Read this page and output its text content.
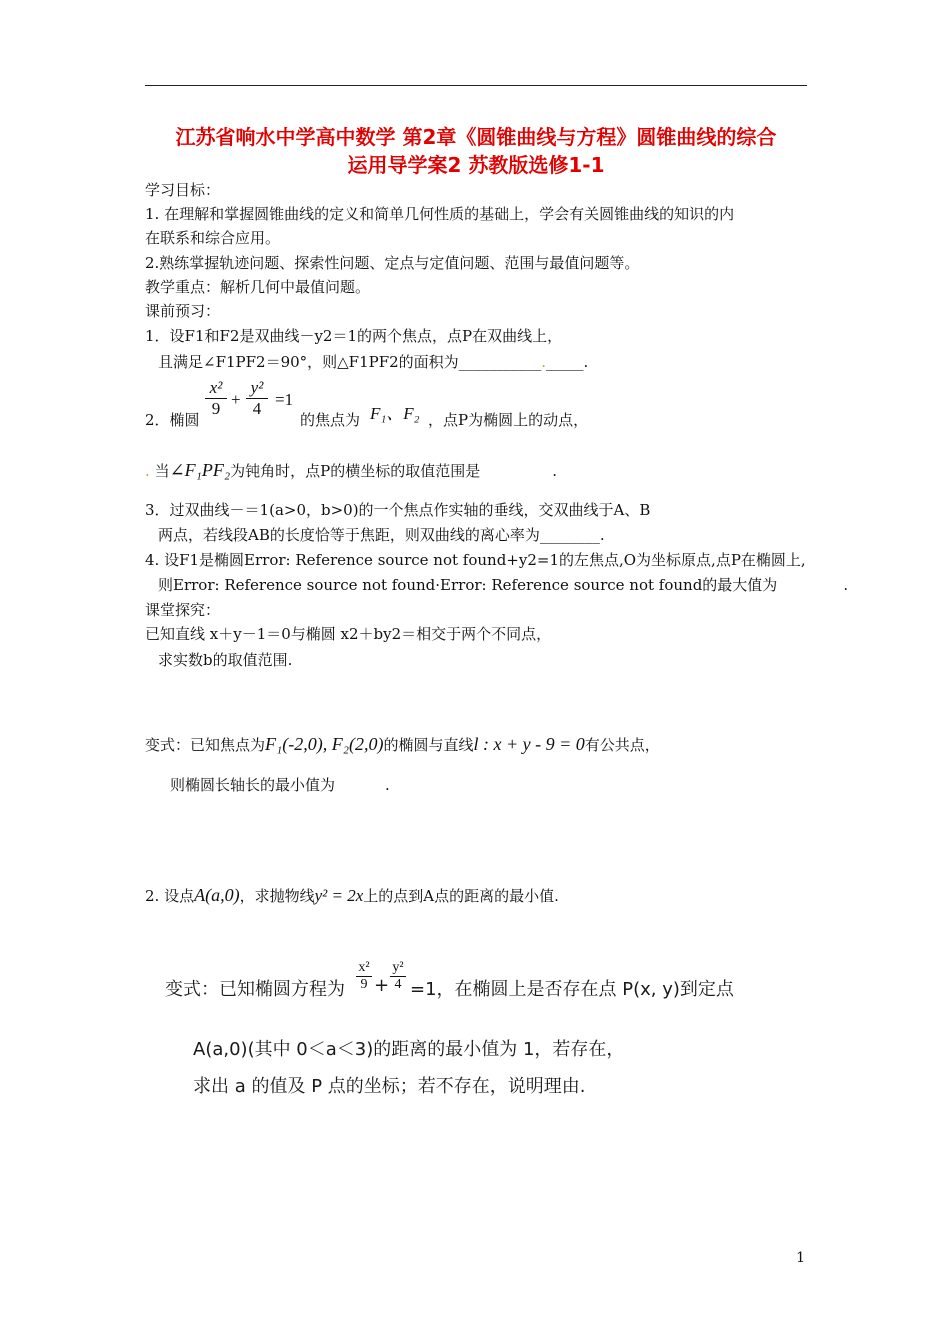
江苏省响水中学高中数学 第2章《圆锥曲线与方程》圆锥曲线的综合
运用导学案2 苏教版选修1-1
学习目标：
1. 在理解和掌握圆锥曲线的定义和简单几何性质的基础上，学会有关圆锥曲线的知识的内
在联系和综合应用。
2.熟练掌握轨迹问题、探索性问题、定点与定值问题、范围与最值问题等。
教学重点：解析几何中最值问题。
课前预习：
1．设F1和F2是双曲线－y2＝1的两个焦点，点P在双曲线上，
且满足∠F1PF2＝90°，则△F1PF2的面积为___________._____.
2．椭圆
x²
9 +
y²
4 =1
的焦点为 F₁、F₂ ，点P为椭圆上的动点，
. 当∠F₁PF₂为钝角时，点P的横坐标的取值范围是	.
3．过双曲线－＝1(a>0，b>0)的一个焦点作实轴的垂线，交双曲线于A、B
两点，若线段AB的长度恰等于焦距，则双曲线的离心率为________.
4. 设F1是椭圆Error: Reference source not found+y2=1的左焦点,O为坐标原点,点P在椭圆上,
则Error: Reference source not found·Error: Reference source not found的最大值为	.
课堂探究：
已知直线 x＋y－1＝0与椭圆 x2＋by2＝相交于两个不同点，
求实数b的取值范围.
变式：已知焦点为F₁(-2,0), F₂(2,0)的椭圆与直线l : x + y - 9 = 0有公共点，
则椭圆长轴长的最小值为	.
2. 设点A(a,0)，求抛物线y² = 2x上的点到A点的距离的最小值.
变式：已知椭圆方程为
x²
9 +
y²
4 =1，在椭圆上是否存在点 P(x, y)到定点
A(a,0)(其中 0＜a＜3)的距离的最小值为 1，若存在，
求出 a 的值及 P 点的坐标；若不存在，说明理由.
1
